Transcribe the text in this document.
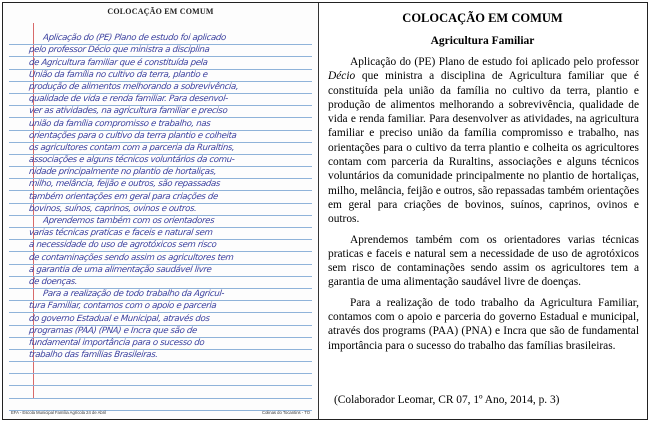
COLOCAÇÃO EM COMUM
Aplicação do (PE) Plano de estudo foi aplicado
pelo professor Décio que ministra a disciplina
de Agricultura familiar que é constituída pela
União da família no cultivo da terra, plantio e
produção de alimentos melhorando a sobrevivência,
qualidade de vida e renda familiar. Para desenvol-
ver as atividades, na agricultura familiar e preciso
união da família compromisso e trabalho, nas
orientações para o cultivo da terra plantio e colheita
os agricultores contam com a parceria da Ruraltins,
associações e alguns técnicos voluntários da comu-
nidade principalmente no plantio de hortaliças,
milho, melância, feijão e outros, são repassadas
também orientações em geral para criações de
bovinos, suínos, caprinos, ovinos e outros.
Aprendemos também com os orientadores
varias técnicas praticas e faceis e natural sem
a necessidade do uso de agrotóxicos sem risco
de contaminações sendo assim os agricultores tem
a garantia de uma alimentação saudável livre
de doenças.
Para a realização de todo trabalho da Agricul-
tura Familiar, contamos com o apoio e parceria
do governo Estadual e Municipal, através dos
programas (PAA) (PNA) e Incra que são de
fundamental importância para o sucesso do
trabalho das famílias Brasileiras.
EFA - Escola Municipal Família Agrícola 24 de Abril	Colinas do Tocantins - TO
COLOCAÇÃO EM COMUM
Agricultura Familiar

Aplicação do (PE) Plano de estudo foi aplicado pelo professor Décio que ministra a disciplina de Agricultura familiar que é constituída pela união da família no cultivo da terra, plantio e produção de alimentos melhorando a sobrevivência, qualidade de vida e renda familiar. Para desenvolver as atividades, na agricultura familiar e preciso união da família compromisso e trabalho, nas orientações para o cultivo da terra plantio e colheita os agricultores contam com parceria da Ruraltins, associações e alguns técnicos voluntários da comunidade principalmente no plantio de hortaliças, milho, melância, feijão e outros, são repassadas também orientações em geral para criações de bovinos, suínos, caprinos, ovinos e outros.

Aprendemos também com os orientadores varias técnicas praticas e faceis e natural sem a necessidade de uso de agrotóxicos sem risco de contaminações sendo assim os agricultores tem a garantia de uma alimentação saudável livre de doenças.

Para a realização de todo trabalho da Agricultura Familiar, contamos com o apoio e parceria do governo Estadual e municipal, através dos programs (PAA) (PNA) e Incra que são de fundamental importância para o sucesso do trabalho das famílias brasileiras.

(Colaborador Leomar, CR 07, 1º Ano, 2014, p. 3)
